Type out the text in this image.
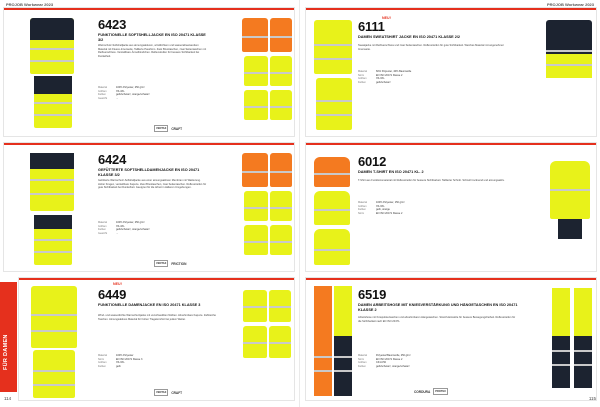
PROJOB Workwear 2023
6423
FUNKTIONELLE SOFTSHELLJACKE EN ISO 20471 KLASSE 3/2
Warnschutz-Softshelljacke aus atmungsaktivem, winddichtem und wasserabweisendem Material mit Fleece-Innenseite. Taillierte Passform. Zwei Brusttaschen, zwei Seitentaschen mit Reißverschluss. Verstellbare Ärmelbündchen. Reflexstreifen für bessere Sichtbarkeit bei Dunkelheit.
Material	100% Polyester, 250 g/m²
Größen	XS-4XL
Farben	gelb/schwarz, orange/schwarz
Gewicht	...
VENTAX	CRAFT
6424
GEFÜTTERTE SOFTSHELLDAMENJACKE EN ISO 20471 KLASSE 3/2
Gefütterte Warnschutz-Softshelljacke aus einer atmungsaktiven Membran mit Wattierung. Hoher Kragen, verstellbare Kapuze. Zwei Brusttaschen, zwei Seitentaschen. Reflexstreifen für gute Sichtbarkeit bei Dunkelheit. Geeignet für die Arbeit in kälteren Umgebungen.
Material	100% Polyester, 250 g/m²
Größen	XS-4XL
Farben	gelb/schwarz, orange/schwarz
Gewicht	...
VENTAX	FRICTION
NEU!
6449
FUNKTIONELLE DAMENJACKE EN ISO 20471 KLASSE 3
Wind- und wasserdichte Warnschutzjacke mit verschweißten Nähten. Abnehmbare Kapuze. Zahlreiche Taschen. Atmungsaktives Material für hohen Tragekomfort bei jedem Wetter.
Material	100% Polyester
Norm	EN ISO 20471 Klasse 3
Größen	XS-3XL
Farben	gelb
VENTAX	CRAFT
FÜR DAMEN
114
PROJOB Workwear 2023
NEU!
6111
DAMEN SWEATSHIRT JACKE EN ISO 20471 KLASSE 2/2
Sweatjacke mit Reißverschluss und zwei Seitentaschen. Reflexstreifen für gute Sichtbarkeit. Weiches Material mit angenehmer Innenseite.
Material	60% Polyester, 40% Baumwolle
Norm	EN ISO 20471 Klasse 2
Größen	XS-3XL
Farben	gelb/schwarz
6012
DAMEN T-SHIRT EN ISO 20471 KL. 2
T-Shirt aus Funktionsmaterial mit Reflexstreifen für bessere Sichtbarkeit. Taillierter Schnitt. Schnell trocknend und atmungsaktiv.
Material	100% Polyester, 150 g/m²
Größen	XS-3XL
Farben	gelb, orange
Norm	EN ISO 20471 Klasse 2
6519
DAMEN ARBEITSHOSE MIT KNIESVERSTÄRKUNG UND HÄNGETASCHEN EN ISO 20471 KLASSE 2
Arbeitshose mit Kniepolstertaschen und abnehmbaren Hängetaschen. Stretch-Einsätze für bessere Bewegungsfreiheit. Reflexstreifen für die Sichtbarkeit nach EN ISO 20471.
Material	Polyester/Baumwolle, 250 g/m²
Norm	EN ISO 20471 Klasse 2
Größen	C34-C50
Farben	gelb/schwarz, orange/schwarz
CORDURA	PROTEC
115
